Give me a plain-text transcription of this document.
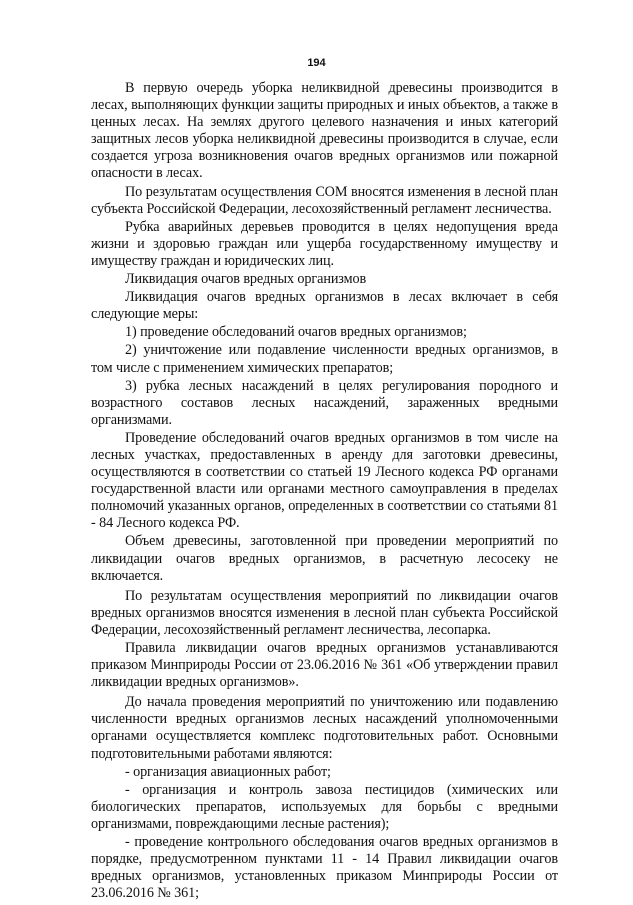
194

В первую очередь уборка неликвидной древесины производится в лесах, выполняющих функции защиты природных и иных объектов, а также в ценных лесах. На землях другого целевого назначения и иных категорий защитных лесов уборка неликвидной древесины производится в случае, если создается угроза возникновения очагов вредных организмов или пожарной опасности в лесах.

По результатам осуществления СОМ вносятся изменения в лесной план субъекта Российской Федерации, лесохозяйственный регламент лесничества.

Рубка аварийных деревьев проводится в целях недопущения вреда жизни и здоровью граждан или ущерба государственному имуществу и имуществу граждан и юридических лиц.

Ликвидация очагов вредных организмов

Ликвидация очагов вредных организмов в лесах включает в себя следующие меры:

1) проведение обследований очагов вредных организмов;

2) уничтожение или подавление численности вредных организмов, в том числе с применением химических препаратов;

3) рубка лесных насаждений в целях регулирования породного и возрастного составов лесных насаждений, зараженных вредными организмами.

Проведение обследований очагов вредных организмов в том числе на лесных участках, предоставленных в аренду для заготовки древесины, осуществляются в соответствии со статьей 19 Лесного кодекса РФ органами государственной власти или органами местного самоуправления в пределах полномочий указанных органов, определенных в соответствии со статьями 81 - 84 Лесного кодекса РФ.

Объем древесины, заготовленной при проведении мероприятий по ликвидации очагов вредных организмов, в расчетную лесосеку не включается.

По результатам осуществления мероприятий по ликвидации очагов вредных организмов вносятся изменения в лесной план субъекта Российской Федерации, лесохозяйственный регламент лесничества, лесопарка.

Правила ликвидации очагов вредных организмов устанавливаются приказом Минприроды России от 23.06.2016 № 361 «Об утверждении правил ликвидации вредных организмов».

До начала проведения мероприятий по уничтожению или подавлению численности вредных организмов лесных насаждений уполномоченными органами осуществляется комплекс подготовительных работ. Основными подготовительными работами являются:

- организация авиационных работ;

- организация и контроль завоза пестицидов (химических или биологических препаратов, используемых для борьбы с вредными организмами, повреждающими лесные растения);

- проведение контрольного обследования очагов вредных организмов в порядке, предусмотренном пунктами 11 - 14 Правил ликвидации очагов вредных организмов, установленных приказом Минприроды России от 23.06.2016 № 361;
